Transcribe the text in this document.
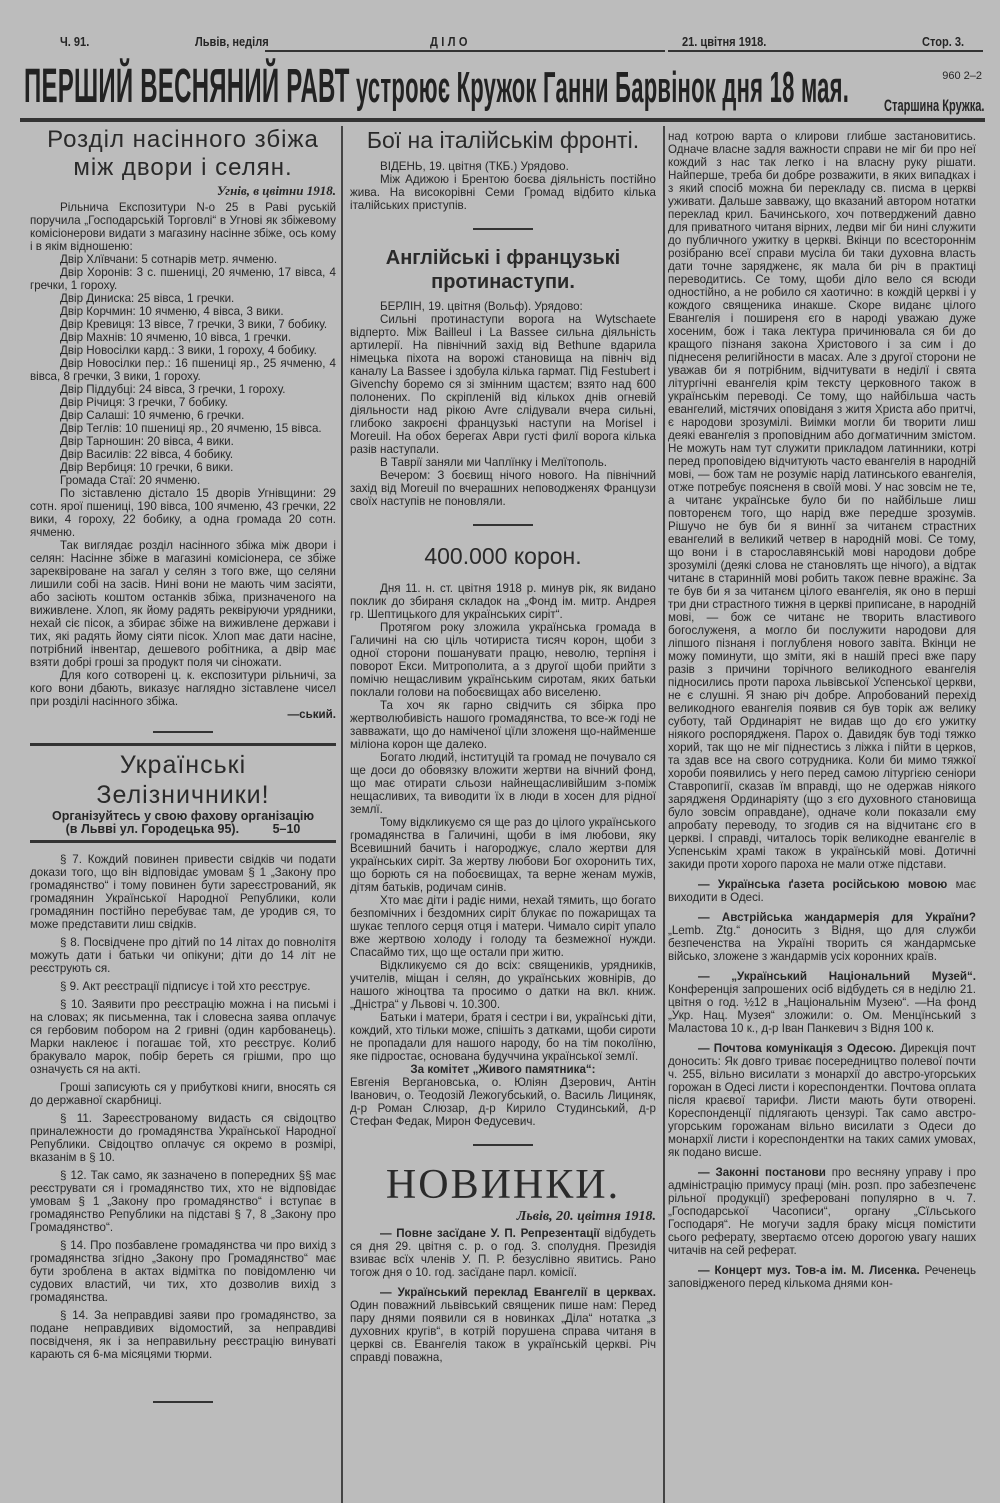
Ч. 91.	Львів, неділя	ДІЛО	21. цвітня 1918.	Стор. 3.
ПЕРШИЙ ВЕСНЯНИЙ РАВТ устроює Кружок Ганни Барвінок дня 18 мая.	960 2–2
Старшина Кружка.
Розділ насінного збіжа між двори і селян.
Угнів, в цвітни 1918.

Рільнича Експозитури N-о 25 в Раві руській поручила „Господарській Торговлі“ в Угнові як збіжевому комісіонерови видати з магазину насінне збіже, ось кому і в якім відношеню:

Двір Хлївчани: 5 сотнарів метр. ячменю.

Двір Хоронів: 3 с. пшениці, 20 ячменю, 17 вівса, 4 гречки, 1 гороху.

Двір Диниска: 25 вівса, 1 гречки.

Двір Корчмин: 10 ячменю, 4 вівса, 3 вики.

Двір Кревиця: 13 вівсе, 7 гречки, 3 вики, 7 бобику.

Двір Махнів: 10 ячменю, 10 вівса, 1 гречки.

Двір Новосілки кард.: 3 вики, 1 гороху, 4 бобику.

Двір Новосілки пер.: 16 пшениці яр., 25 ячменю, 4 вівса, 8 гречки, 3 вики, 1 гороху.

Двір Піддубці: 24 вівса, 3 гречки, 1 гороху.

Двір Річиця: 3 гречки, 7 бобику.

Двір Салаші: 10 ячменю, 6 гречки.

Двір Теглів: 10 пшениці яр., 20 ячменю, 15 вівса.

Двір Тарношин: 20 вівса, 4 вики.

Двір Василів: 22 вівса, 4 бобику.

Двір Вербиця: 10 гречки, 6 вики.

Громада Стаї: 20 ячменю.

По зіставленю дістало 15 дворів Угнівщини: 29 сотн. ярої пшениці, 190 вівса, 100 ячменю, 43 гречки, 22 вики, 4 гороху, 22 бобику, а одна громада 20 сотн. ячменю.

Так виглядає розділ насінного збіжа між двори і селян: Насінне збіже в магазині комісіонера, се збіже зареквіроване на загал у селян з того вже, що селяни лишили собі на засів. Нині вони не мають чим засіяти, або засіють коштом останків збіжа, призначеного на виживлене. Хлоп, як йому радять реквіруючи урядники, нехай сіє пісок, а збирає збіже на виживлене держави і тих, які радять йому сіяти пісок. Хлоп має дати насіне, потрібний інвентар, дешевого робітника, а двір має взяти добрі гроші за продукт поля чи сіножати.

Для кого сотворені ц. к. експозитури рільничі, за кого вони дбають, виказує наглядно зіставлене чисел при розділі насінного збіжа.

—ський.
Українські Зелізничники!
Організуйтесь у свою фахову організацію
(в Львві ул. Городецька 95).	5–10

§ 7. Кождий повинен привести свідків чи подати докази того, що він відповідає умовам § 1 „Закону про громадянство“ і тому повинен бути зареєстрований, як громадянин Української Народної Републики, коли громадянин постійно перебуває там, де уродив ся, то може представити лиш свідків.

§ 8. Посвідчене про дітий по 14 літах до повнолітя можуть дати і батьки чи опікуни; діти до 14 літ не реєструють ся.

§ 9. Акт реєстрації підписує і той хто реєструє.

§ 10. Заявити про реєстрацію можна і на письмі і на словах; як письменна, так і словесна заява оплачує ся гербовим побором на 2 гривні (один карбованець). Марки наклеює і погашає той, хто реєструє. Колиб бракувало марок, побір береть ся грішми, про що означуєть ся на акті.

Гроші записують ся у прибуткові книги, вносять ся до державної скарбниці.

§ 11. Зареєстрованому видасть ся свідоцтво приналежности до громадянства Української Народної Републики. Свідоцтво оплачує ся окремо в розмірі, вказанім в § 10.

§ 12. Так само, як зазначено в попередних §§ має реєструвати ся і громадянство тих, хто не відповідає умовам § 1 „Закону про громадянство“ і вступає в громадянство Републики на підставі § 7, 8 „Закону про Громадянство“.

§ 14. Про позбавлене громадянства чи про вихід з громадянства згідно „Закону про Громадянство“ має бути зроблена в актах відмітка по повідомленю чи судових властий, чи тих, хто дозволив вихід з громадянства.

§ 14. За неправдиві заяви про громадянство, за подане неправдивих відомостий, за неправдиві посвідченя, як і за неправильну реєстрацію винуваті карають ся 6-ма місяцями тюрми.

Бої на італійськім фронті.

ВІДЕНЬ, 19. цвітня (ТКБ.) Урядово.

Між Адижою і Брентою боєва діяльність постійно жива. На високорівні Семи Громад відбито кілька італійських приступів.

Англійські і французькі протинаступи.

БЕРЛІН, 19. цвітня (Вольф). Урядово:

Сильні протинаступи ворога на Wytschaete відперто. Між Bailleul і La Bassee сильна діяльність артилерії. На північний захід від Bethune вдарила німецька піхота на ворожі становища на північ від каналу La Bassee і здобула кілька гармат. Під Festubert і Givenchy боремо ся зі змінним щастєм; взято над 600 полонених. По скріпленій від кількох днів огневій діяльности над рікою Avre слідували вчера сильні, глибоко закроєні французькі наступи на Morisel і Moreuil. На обох берегах Аври густі филї ворога кілька разів наступали.

В Таврії заняли ми Чаплїнку і Мелїтополь.

Вечером: З боєвищ нічого нового. На північний захід від Moreuil по вчерашних неповодженях Французи своїх наступів не поновляли.

400.000 корон.

Дня 11. н. ст. цвітня 1918 р. минув рік, як видано поклик до збираня складок на „Фонд ім. митр. Андрея гр. Шептицького для українських сиріт“.

Протягом року зложила українська громада в Галичині на сю ціль чотириста тисяч корон, щоби з одної сторони пошанувати працю, неволю, терпіня і поворот Екси. Митрополита, а з другої щоби прийти з помічю нещасливим українським сиротам, яких батьки поклали голови на побоєвищах або виселеню.

Та хоч як гарно свідчить ся збірка про жертволюбивість нашого громадянства, то все-ж годі не завважати, що до наміченої цїли зложеня що-найменше міліона корон ще далеко.

Богато людий, інституцій та громад не почувало ся ще доси до обовязку вложити жертви на вічний фонд, що має отирати сльози найнещасливійшим з-поміж нещасливих, та виводити їх в люди в хосен для рідної землї.

Тому відкликуємо ся ще раз до цілого українського громадянства в Галичині, щоби в імя любови, яку Всевишний бачить і нагороджує, слало жертви для українських сиріт. За жертву любови Бог охоронить тих, що борють ся на побоєвищах, та верне женам мужів, дітям батьків, родичам синів.

Хто має діти і радіє ними, нехай тямить, що богато безпомічних і бездомних сиріт блукає по пожарищах та шукає теплого серця отця і матери. Чимало сиріт упало вже жертвою холоду і голоду та безмежної нужди. Спасаймо тих, що ще остали при житю.

Відкликуємо ся до всіх: священиків, урядників, учителів, міщан і селян, до українських жовнірів, до нашого жіноцтва та просимо о датки на вкл. книж. „Дністра“ у Львові ч. 10.300.

Батьки і матери, братя і сестри і ви, українські діти, кождий, хто тільки може, спішіть з датками, щоби сироти не пропадали для нашого народу, бо на тім поколїню, яке підростає, основана будуччина української землї.

За комітет „Живого памятника“:
Евгенія Вергановська, о. Юліян Дзерович, Антін Іванович, о. Теодозій Лежогубський, о. Василь Лициняк, д-р Роман Слюзар, д-р Кирило Студинський, д-р Стефан Федак, Мирон Федусевич.
НОВИНКИ.
Львів, 20. цвітня 1918.

— Повне засїдане У. П. Репрезентації відбудеть ся дня 29. цвітня с. р. о год. 3. сполудня. Президія взиває всїх членів У. П. Р. безуслівно явитись. Рано тогож дня о 10. год. засїдане парл. комісії.

— Український переклад Евангелії в церквах. Один поважний львівський священик пише нам: Перед пару днями появили ся в новинках „Діла“ нотатка „з духовних кругів“, в котрій порушена справа читаня в церкві св. Евангелія також в українській церкві. Річ справді поважна,

над котрою варта о клирови глибше застановитись. Одначе власне задля важности справи не міг би про неї кождий з нас так легко і на власну руку рішати. Найперше, треба би добре розважити, в яких випадках і з який спосіб можна би перекладу св. писма в церкві уживати. Дальше завважу, що вказаний автором нотатки переклад крил. Бачинського, хоч потверджений давно для приватного читаня вірних, ледви міг би нині служити до публичного ужитку в церкві. Вкінци по всестороннім розібраню всеї справи мусіла би таки духовна власть дати точне зарядженє, як мала би річ в практиці переводитись. Се тому, щоби діло вело ся всюди одностійно, а не робило ся хаотично: в кождій церкві і у кождого священика инакше. Скоре виданє цілого Евангелія і поширеня єго в народі уважаю дуже хосеним, бож і така лектура причинювала ся би до кращого пізнаня закона Христового і за сим і до піднесеня религійности в масах. Але з другої сторони не уважав би я потрібним, відчитувати в неділї і свята літургічні евангелія крім тексту церковного також в українськім переводі. Се тому, що найбільша часть евангелий, містячих оповіданя з житя Христа або притчі, є народови зрозумілі. Виімки могли би творити лиш деякі евангелія з проповідним або догматичним змістом. Не можуть нам тут служити прикладом латинники, котрі перед проповідею відчитують часто евангелія в народній мові, — бож там не розуміє нарід латинського евангелія, отже потребує поясненя в своїй мові. У нас зовсім не те, а читанє українське було би по найбільше лиш повторенєм того, що нарід вже передше зрозумів. Рішучо не був би я виннї за читанєм страстних евангелий в великий четвер в народній мові. Се тому, що вони і в старославянській мові народови добре зрозумілі (деякі слова не становлять ще нічого), а відтак читанє в старинній мові робить також певне вражінє. За те був би я за читанєм цілого евангелія, як оно в перші три дни страстного тижня в церкві приписане, в народній мові, — бож се читанє не творить властивого богослуженя, а могло би послужити народови для ліпшого пізнаня і поглубленя нового завіта. Вкінци не можу поминути, що зміти, які в нашій пресі вже пару разів з причини торічного великодного евангелія підносились проти пароха львівської Успенської церкви, не є слушні. Я знаю річ добре. Апробований перехід великодного евангелія появив ся був торік аж велику суботу, тай Ординаріят не видав що до єго ужитку ніякого роспорядженя. Парох о. Давидяк був тоді тяжко хорий, так що не міг піднестись з ліжка і пійти в церков, та здав все на свого сотрудника. Коли би мимо тяжкої хороби появились у него перед самою літургією сеніори Ставропигії, сказав їм вправді, що не одержав ніякого зарядженя Ординаріяту (що з єго духовного становища було зовсім оправдане), одначе коли показали єму апробату переводу, то згодив ся на відчитанє єго в церкві. І справді, читалось торік великодне евангеліє в Успенськім храмі також в українській мові. Дотичні закиди проти хорого пароха не мали отже підстави.

— Українська ґазета російською мовою має виходити в Одесі.

— Австрійська жандармерія для України? „Lemb. Ztg.“ доносить з Відня, що для служби безпеченства на Україні творить ся жандармське військо, зложене з жандармів усіх коронних країв.

— „Український Національний Музей“. Конференція запрошених осіб відбудеть ся в неділю 21. цвітня о год. ½12 в „Національнім Музею“. —На фонд „Укр. Нац. Музея“ зложили: о. Ом. Менцїнський з Маластова 10 к., д-р Іван Панкевич з Відня 100 к.

— Почтова комунікація з Одесою. Дирекція почт доносить: Як довго триває посередництво полевої почти ч. 255, вільно висилати з монархії до австро-угорських горожан в Одесі листи і кореспондентки. Почтова оплата після краєвої тарифи. Листи мають бути отворені. Кореспонденції підлягають цензурі. Так само австро-угорським горожанам вільно висилати з Одеси до монархії листи і кореспондентки на таких самих умовах, як подано висше.

— Законні постанови про весняну управу і про адміністрацію примусу праці (мін. розп. про забезпеченє рільної продукції) зреферовані популярно в ч. 7. „Господарської Часописи“, органу „Сїльського Господаря“. Не могучи задля браку місця помістити сього реферату, звертаємо отсею дорогою увагу наших читачів на сей реферат.

— Концерт муз. Тов-а ім. М. Лисенка. Реченець заповідженого перед кількома днями кон-
